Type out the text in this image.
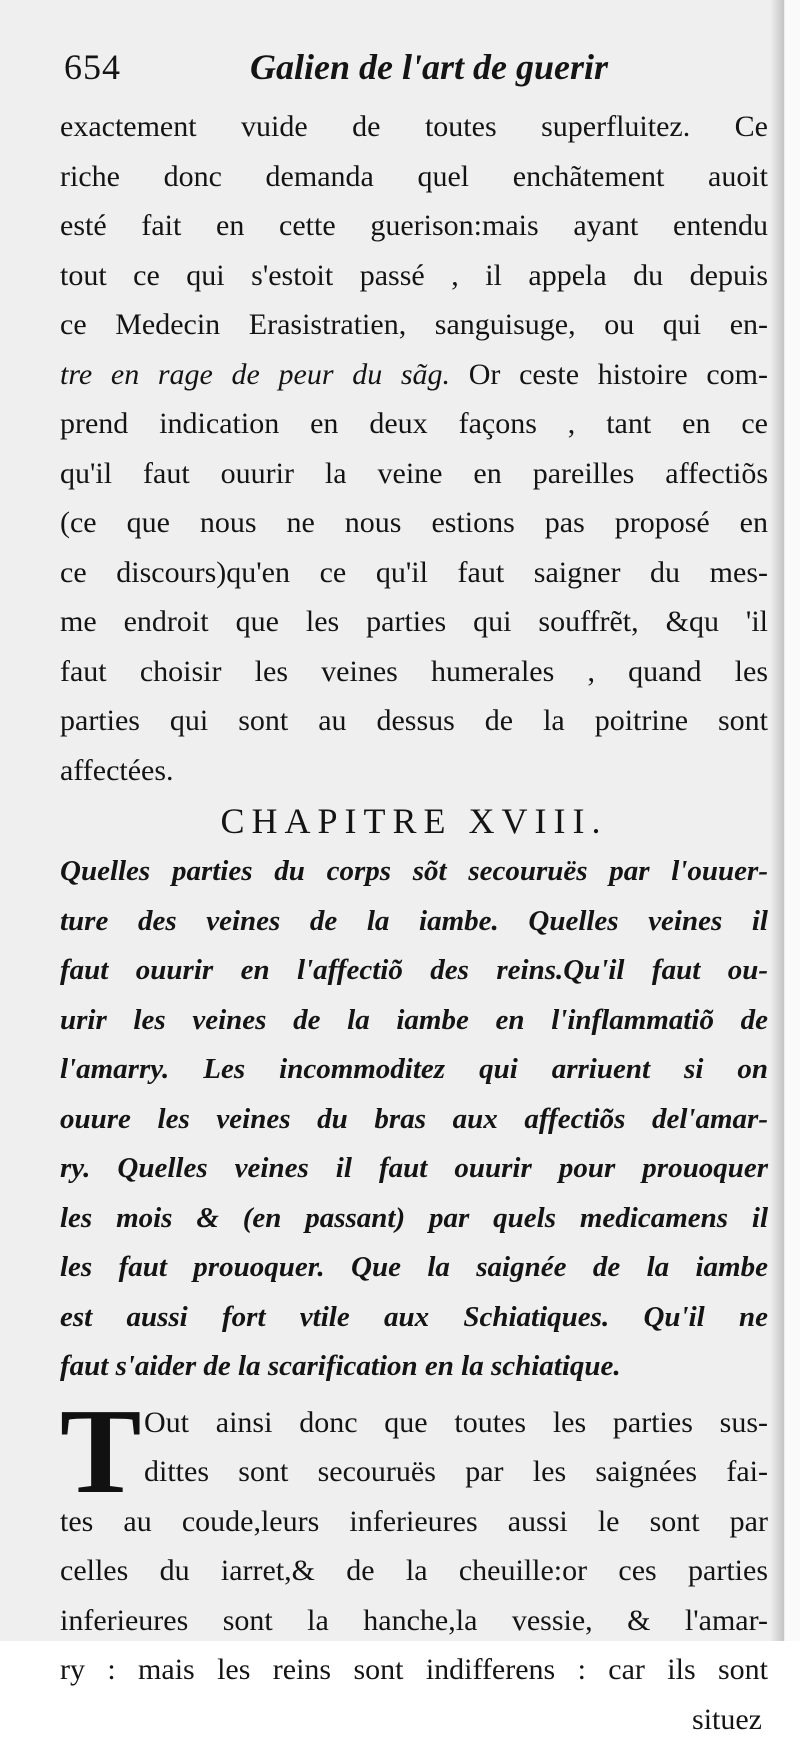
654	Galien de l'art de guerir
exactement vuide de toutes superfluitez. Ce
riche donc demanda quel enchãtement auoit
esté fait en cette guerison:mais ayant entendu
tout ce qui s'estoit passé , il appela du depuis
ce Medecin Erasistratien, sanguisuge, ou qui en-
tre en rage de peur du sãg. Or ceste histoire com-
prend indication en deux façons , tant en ce
qu'il faut ouurir la veine en pareilles affectiõs
(ce que nous ne nous estions pas proposé en
ce discours)qu'en ce qu'il faut saigner du mes-
me endroit que les parties qui souffrẽt, &qu 'il
faut choisir les veines humerales , quand les
parties qui sont au dessus de la poitrine sont
affectées.
CHAPITRE XVIII.
Quelles parties du corps sõt secouruës par l'ouuer-
ture des veines de la iambe. Quelles veines il
faut ouurir en l'affectiõ des reins.Qu'il faut ou-
urir les veines de la iambe en l'inflammatiõ de
l'amarry. Les incommoditez qui arriuent si on
ouure les veines du bras aux affectiõs del'amar-
ry. Quelles veines il faut ouurir pour prouoquer
les mois & (en passant) par quels medicamens il
les faut prouoquer. Que la saignée de la iambe
est aussi fort vtile aux Schiatiques. Qu'il ne
faut s'aider de la scarification en la schiatique.
T Out ainsi donc que toutes les parties sus-
dittes sont secouruës par les saignées fai-
tes au coude,leurs inferieures aussi le sont par
celles du iarret,& de la cheuille:or ces parties
inferieures sont la hanche,la vessie, & l'amar-
ry : mais les reins sont indifferens : car ils sont
situez
